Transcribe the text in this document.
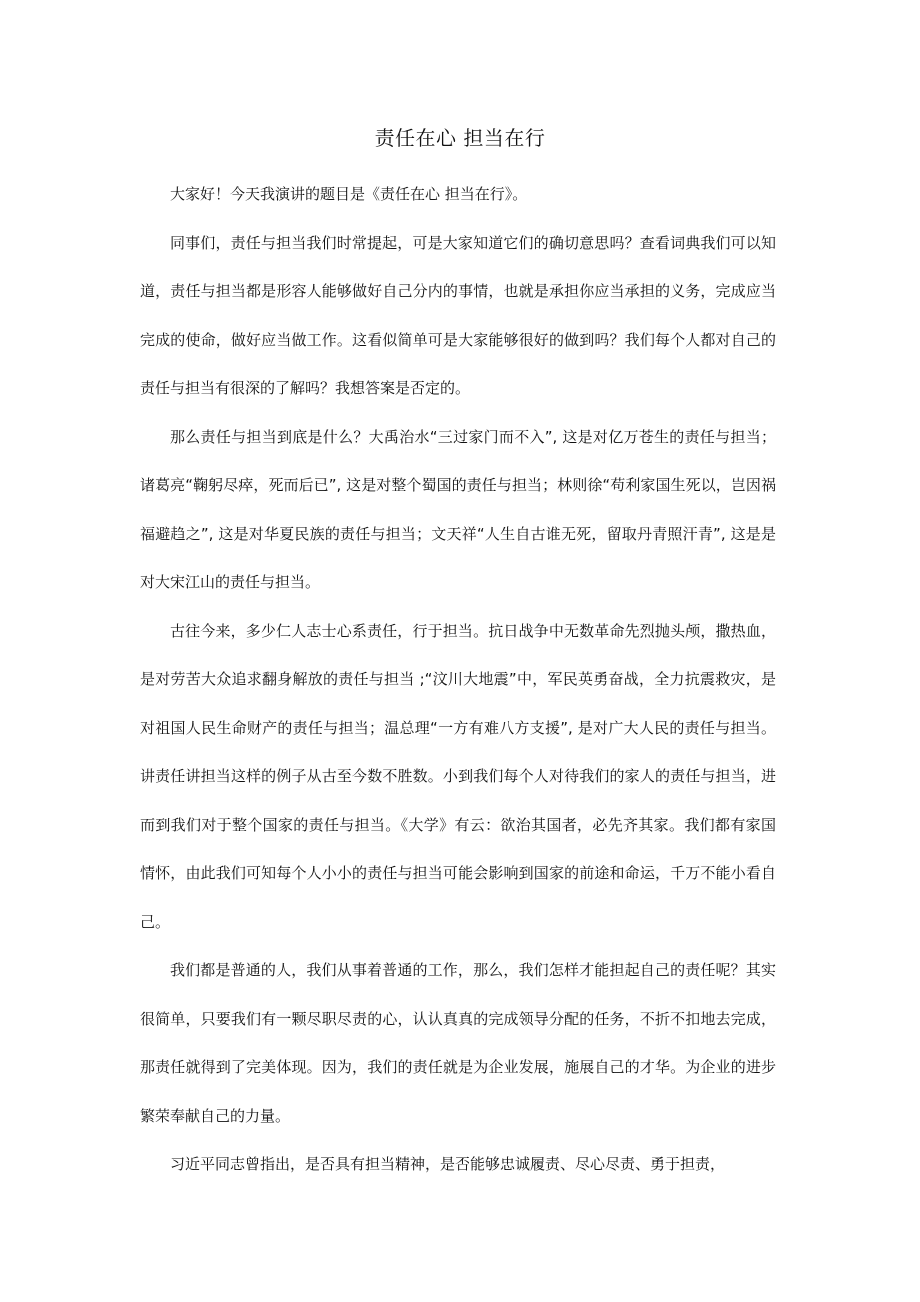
责任在心 担当在行

大家好！今天我演讲的题目是《责任在心 担当在行》。

同事们，责任与担当我们时常提起，可是大家知道它们的确切意思吗？查看词典我们可以知道，责任与担当都是形容人能够做好自己分内的事情，也就是承担你应当承担的义务，完成应当完成的使命，做好应当做工作。这看似简单可是大家能够很好的做到吗？我们每个人都对自己的责任与担当有很深的了解吗？我想答案是否定的。

那么责任与担当到底是什么？大禹治水“三过家门而不入”, 这是对亿万苍生的责任与担当；诸葛亮“鞠躬尽瘁，死而后已”, 这是对整个蜀国的责任与担当；林则徐“苟利家国生死以，岂因祸福避趋之”, 这是对华夏民族的责任与担当；文天祥“人生自古谁无死，留取丹青照汗青”, 这是是对大宋江山的责任与担当。

古往今来，多少仁人志士心系责任，行于担当。抗日战争中无数革命先烈抛头颅，撒热血，是对劳苦大众追求翻身解放的责任与担当 ;“汶川大地震”中，军民英勇奋战，全力抗震救灾，是对祖国人民生命财产的责任与担当；温总理“一方有难八方支援”, 是对广大人民的责任与担当。讲责任讲担当这样的例子从古至今数不胜数。小到我们每个人对待我们的家人的责任与担当，进而到我们对于整个国家的责任与担当。《大学》有云：欲治其国者，必先齐其家。我们都有家国情怀，由此我们可知每个人小小的责任与担当可能会影响到国家的前途和命运，千万不能小看自己。

我们都是普通的人，我们从事着普通的工作，那么，我们怎样才能担起自己的责任呢？其实很简单，只要我们有一颗尽职尽责的心，认认真真的完成领导分配的任务，不折不扣地去完成，那责任就得到了完美体现。因为，我们的责任就是为企业发展，施展自己的才华。为企业的进步繁荣奉献自己的力量。

习近平同志曾指出，是否具有担当精神，是否能够忠诚履责、尽心尽责、勇于担责，
